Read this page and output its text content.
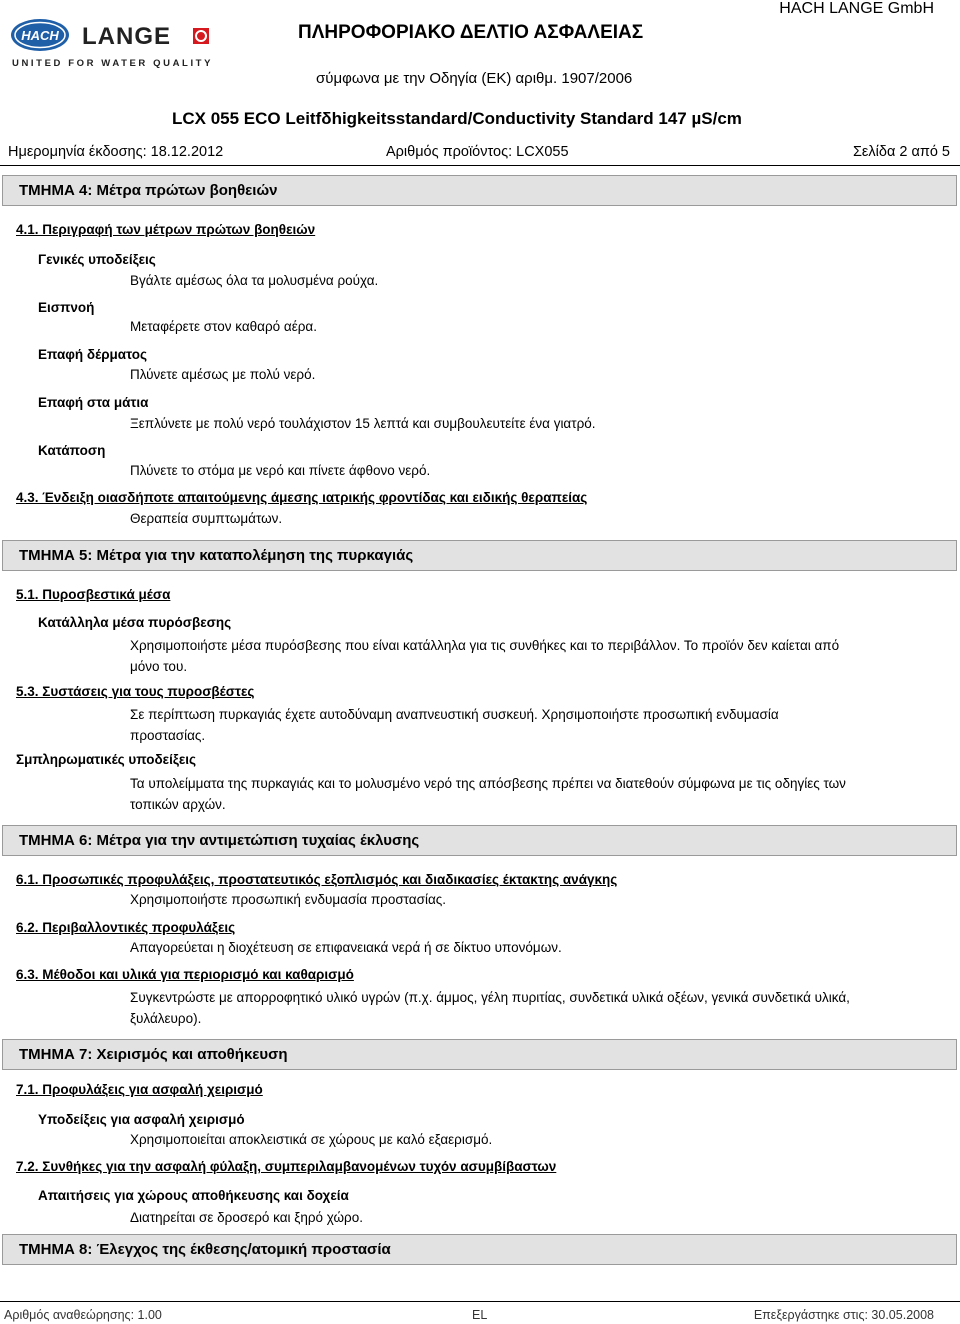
HACH LANGE
UNITED FOR WATER QUALITY
HACH LANGE GmbH
ΠΛΗΡΟΦΟΡΙΑΚΟ ΔΕΛΤΙΟ ΑΣΦΑΛΕΙΑΣ
σύμφωνα με την Οδηγία (ΕΚ) αριθμ. 1907/2006
LCX 055 ECO Leitfδhigkeitsstandard/Conductivity Standard 147 µS/cm
Ημερομηνία έκδοσης: 18.12.2012	Αριθμός προϊόντος: LCX055	Σελίδα 2 από 5
ΤΜΗΜΑ 4: Μέτρα πρώτων βοηθειών
4.1. Περιγραφή των μέτρων πρώτων βοηθειών
Γενικές υποδείξεις
Βγάλτε αμέσως όλα τα μολυσμένα ρούχα.
Εισπνοή
Μεταφέρετε στον καθαρό αέρα.
Επαφή δέρματος
Πλύνετε αμέσως με πολύ νερό.
Επαφή στα μάτια
Ξεπλύνετε με πολύ νερό τουλάχιστον 15 λεπτά και συμβουλευτείτε ένα γιατρό.
Κατάποση
Πλύνετε το στόμα με νερό και πίνετε άφθονο νερό.
4.3. Ένδειξη οιασδήποτε απαιτούμενης άμεσης ιατρικής φροντίδας και ειδικής θεραπείας
Θεραπεία συμπτωμάτων.
ΤΜΗΜΑ 5: Μέτρα για την καταπολέμηση της πυρκαγιάς
5.1. Πυροσβεστικά μέσα
Κατάλληλα μέσα πυρόσβεσης
Χρησιμοποιήστε μέσα πυρόσβεσης που είναι κατάλληλα για τις συνθήκες και το περιβάλλον. Το προϊόν δεν καίεται από μόνο του.
5.3. Συστάσεις για τους πυροσβέστες
Σε περίπτωση πυρκαγιάς έχετε αυτοδύναμη αναπνευστική συσκευή. Χρησιμοποιήστε προσωπική ενδυμασία προστασίας.
Σμπληρωματικές υποδείξεις
Τα υπολείμματα της πυρκαγιάς και το μολυσμένο νερό της απόσβεσης πρέπει να διατεθούν σύμφωνα με τις οδηγίες των τοπικών αρχών.
ΤΜΗΜΑ 6: Μέτρα για την αντιμετώπιση τυχαίας έκλυσης
6.1. Προσωπικές προφυλάξεις, προστατευτικός εξοπλισμός και διαδικασίες έκτακτης ανάγκης
Χρησιμοποιήστε προσωπική ενδυμασία προστασίας.
6.2. Περιβαλλοντικές προφυλάξεις
Απαγορεύεται η διοχέτευση σε επιφανειακά νερά ή σε δίκτυο υπονόμων.
6.3. Μέθοδοι και υλικά για περιορισμό και καθαρισμό
Συγκεντρώστε με απορροφητικό υλικό υγρών (π.χ. άμμος, γέλη πυριτίας, συνδετικά υλικά οξέων, γενικά συνδετικά υλικά, ξυλάλευρο).
ΤΜΗΜΑ 7: Χειρισμός και αποθήκευση
7.1. Προφυλάξεις για ασφαλή χειρισμό
Υποδείξεις για ασφαλή χειρισμό
Χρησιμοποιείται αποκλειστικά σε χώρους με καλό εξαερισμό.
7.2. Συνθήκες για την ασφαλή φύλαξη, συμπεριλαμβανομένων τυχόν ασυμβίβαστων
Απαιτήσεις για χώρους αποθήκευσης και δοχεία
Διατηρείται σε δροσερό και ξηρό χώρο.
ΤΜΗΜΑ 8: Έλεγχος της έκθεσης/ατομική προστασία
Αριθμός αναθεώρησης: 1.00	EL	Επεξεργάστηκε στις: 30.05.2008
